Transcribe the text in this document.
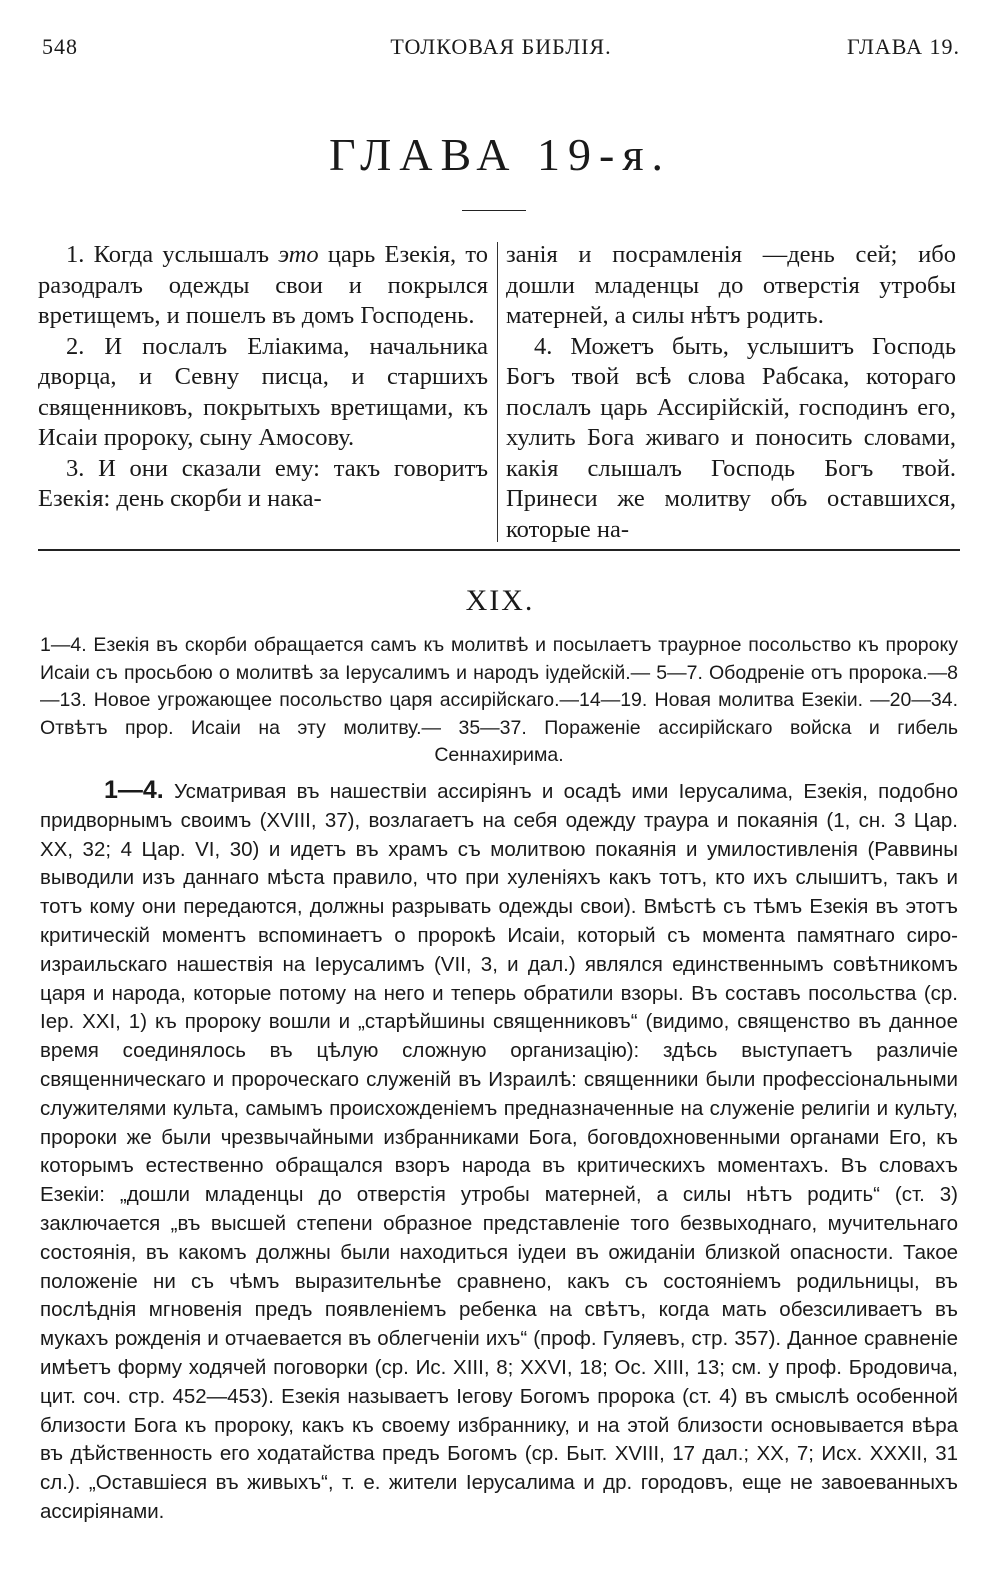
548	ТОЛКОВАЯ БИБЛІЯ.	ГЛАВА 19.
ГЛАВА 19-я.

1. Когда услышалъ это царь Езекія, то разодралъ одежды свои и покрылся вретищемъ, и пошелъ въ домъ Господень.

2. И послалъ Еліакима, начальника дворца, и Севну писца, и старшихъ священниковъ, покрытыхъ вретищами, къ Исаіи пророку, сыну Амосову.

3. И они сказали ему: такъ говоритъ Езекія: день скорби и нака-

занія и посрамленія —день сей; ибо дошли младенцы до отверстія утробы матерней, а силы нѣтъ родить.

4. Можетъ быть, услышитъ Господь Богъ твой всѣ слова Рабсака, котораго послалъ царь Ассирійскій, господинъ его, хулить Бога живаго и поносить словами, какія слышалъ Господь Богъ твой. Принеси же молитву объ оставшихся, которые на-

XIX.
1—4. Езекія въ скорби обращается самъ къ молитвѣ и посылаетъ траурное посольство къ пророку Исаіи съ просьбою о молитвѣ за Іерусалимъ и народъ іудейскій.— 5—7. Ободреніе отъ пророка.—8—13. Новое угрожающее посольство царя ассирійскаго.—14—19. Новая молитва Езекіи. —20—34. Отвѣтъ прор. Исаіи на эту молитву.— 35—37. Пораженіе ассирійскаго войска и гибель Сеннахирима.
1—4. Усматривая въ нашествіи ассиріянъ и осадѣ ими Іерусалима, Езекія, подобно придворнымъ своимъ (XVIII, 37), возлагаетъ на себя одежду траура и покаянія (1, сн. 3 Цар. XX, 32; 4 Цар. VI, 30) и идетъ въ храмъ съ молитвою покаянія и умилостивленія (Раввины выводили изъ даннаго мѣста правило, что при хуленіяхъ какъ тотъ, кто ихъ слышитъ, такъ и тотъ кому они передаются, должны разрывать одежды свои). Вмѣстѣ съ тѣмъ Езекія въ этотъ критическій моментъ вспоминаетъ о пророкѣ Исаіи, который съ момента памятнаго сиро-израильскаго нашествія на Іерусалимъ (VII, 3, и дал.) являлся единственнымъ совѣтникомъ царя и народа, которые потому на него и теперь обратили взоры. Въ составъ посольства (ср. Іер. XXI, 1) къ пророку вошли и „старѣйшины священниковъ“ (видимо, священство въ данное время соединялось въ цѣлую сложную организацію): здѣсь выступаетъ различіе священническаго и пророческаго служеній въ Израилѣ: священники были профессіональными служителями культа, самымъ происхожденіемъ предназначенные на служеніе религіи и культу, пророки же были чрезвычайными избранниками Бога, боговдохновенными органами Его, къ которымъ естественно обращался взоръ народа въ критическихъ моментахъ. Въ словахъ Езекіи: „дошли младенцы до отверстія утробы матерней, а силы нѣтъ родить“ (ст. 3) заключается „въ высшей степени образное представленіе того безвыходнаго, мучительнаго состоянія, въ какомъ должны были находиться іудеи въ ожиданіи близкой опасности. Такое положеніе ни съ чѣмъ выразительнѣе сравнено, какъ съ состояніемъ родильницы, въ послѣднія мгновенія предъ появленіемъ ребенка на свѣтъ, когда мать обезсиливаетъ въ мукахъ рожденія и отчаевается въ облегченіи ихъ“ (проф. Гуляевъ, стр. 357). Данное сравненіе имѣетъ форму ходячей поговорки (ср. Ис. XIII, 8; XXVI, 18; Ос. XIII, 13; см. у проф. Бродовича, цит. соч. стр. 452—453). Езекія называетъ Іегову Богомъ пророка (ст. 4) въ смыслѣ особенной близости Бога къ пророку, какъ къ своему избраннику, и на этой близости основывается вѣра въ дѣйственность его ходатайства предъ Богомъ (ср. Быт. XVIII, 17 дал.; XX, 7; Исх. XXXII, 31 сл.). „Оставшіеся въ живыхъ“, т. е. жители Іерусалима и др. городовъ, еще не завоеванныхъ ассиріянами.
